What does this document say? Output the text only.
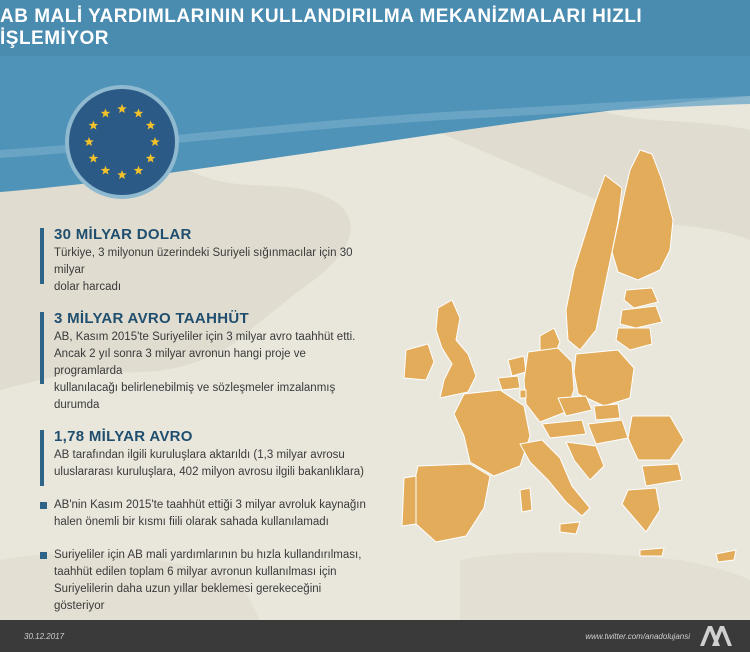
AB MALİ YARDIMLARININ KULLANDIRILMA MEKANİZMALARI HIZLI İŞLEMİYOR
30 MİLYAR DOLAR

Türkiye, 3 milyonun üzerindeki Suriyeli sığınmacılar için 30 milyar
dolar harcadı

3 MİLYAR AVRO TAAHHÜT

AB, Kasım 2015'te Suriyeliler için 3 milyar avro taahhüt etti.
Ancak 2 yıl sonra 3 milyar avronun hangi proje ve programlarda
kullanılacağı belirlenebilmiş ve sözleşmeler imzalanmış durumda

1,78 MİLYAR AVRO

AB tarafından ilgili kuruluşlara aktarıldı (1,3 milyar avrosu
uluslararası kuruluşlara, 402 milyon avrosu ilgili bakanlıklara)

AB'nin Kasım 2015'te taahhüt ettiği 3 milyar avroluk kaynağın
halen önemli bir kısmı fiili olarak sahada kullanılamadı

Suriyeliler için AB mali yardımlarının bu hızla kullandırılması,
taahhüt edilen toplam 6 milyar avronun kullanılması için
Suriyelilerin daha uzun yıllar beklemesi gerekeceğini gösteriyor

30.12.2017	www.twitter.com/anadolujansi
